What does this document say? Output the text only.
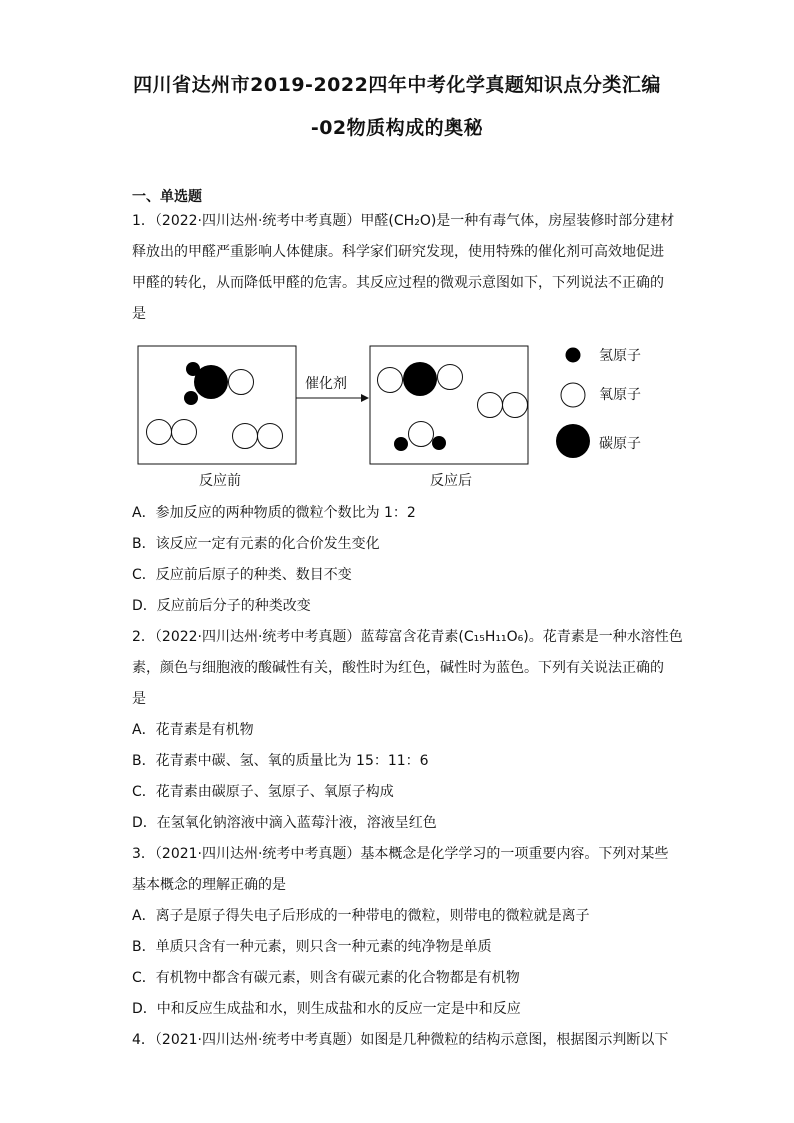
四川省达州市2019-2022四年中考化学真题知识点分类汇编
-02物质构成的奥秘
一、单选题
1．（2022·四川达州·统考中考真题）甲醛(CH₂O)是一种有毒气体，房屋装修时部分建材
释放出的甲醛严重影响人体健康。科学家们研究发现，使用特殊的催化剂可高效地促进
甲醛的转化，从而降低甲醛的危害。其反应过程的微观示意图如下，下列说法不正确的
是
催化剂
氢原子
氧原子
碳原子
反应前	反应后
A．参加反应的两种物质的微粒个数比为 1：2
B．该反应一定有元素的化合价发生变化
C．反应前后原子的种类、数目不变
D．反应前后分子的种类改变
2．（2022·四川达州·统考中考真题）蓝莓富含花青素(C₁₅H₁₁O₆)。花青素是一种水溶性色
素，颜色与细胞液的酸碱性有关，酸性时为红色，碱性时为蓝色。下列有关说法正确的
是
A．花青素是有机物
B．花青素中碳、氢、氧的质量比为 15：11：6
C．花青素由碳原子、氢原子、氧原子构成
D．在氢氧化钠溶液中滴入蓝莓汁液，溶液呈红色
3．（2021·四川达州·统考中考真题）基本概念是化学学习的一项重要内容。下列对某些
基本概念的理解正确的是
A．离子是原子得失电子后形成的一种带电的微粒，则带电的微粒就是离子
B．单质只含有一种元素，则只含一种元素的纯净物是单质
C．有机物中都含有碳元素，则含有碳元素的化合物都是有机物
D．中和反应生成盐和水，则生成盐和水的反应一定是中和反应
4．（2021·四川达州·统考中考真题）如图是几种微粒的结构示意图，根据图示判断以下
